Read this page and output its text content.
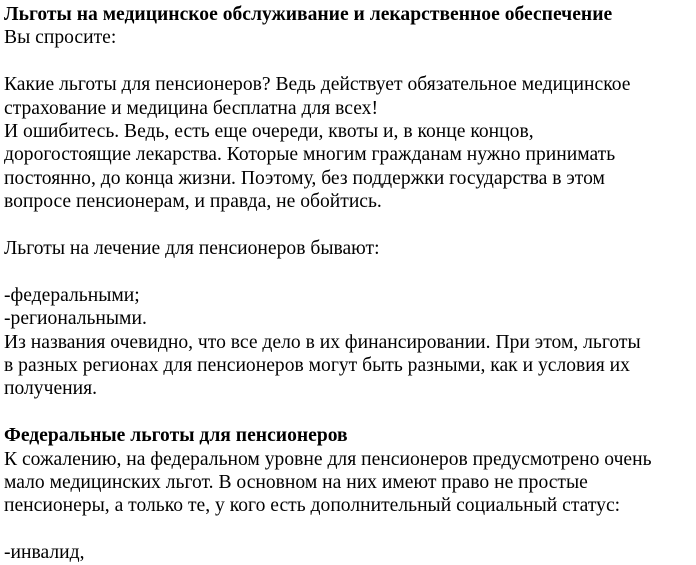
Льготы на медицинское обслуживание и лекарственное обеспечение
Вы спросите:
Какие льготы для пенсионеров? Ведь действует обязательное медицинское
страхование и медицина бесплатна для всех!
И ошибитесь. Ведь, есть еще очереди, квоты и, в конце концов,
дорогостоящие лекарства. Которые многим гражданам нужно принимать
постоянно, до конца жизни. Поэтому, без поддержки государства в этом
вопросе пенсионерам, и правда, не обойтись.
Льготы на лечение для пенсионеров бывают:
-федеральными;
-региональными.
Из названия очевидно, что все дело в их финансировании. При этом, льготы
в разных регионах для пенсионеров могут быть разными, как и условия их
получения.
Федеральные льготы для пенсионеров
К сожалению, на федеральном уровне для пенсионеров предусмотрено очень
мало медицинских льгот. В основном на них имеют право не простые
пенсионеры, а только те, у кого есть дополнительный социальный статус:
-инвалид,
